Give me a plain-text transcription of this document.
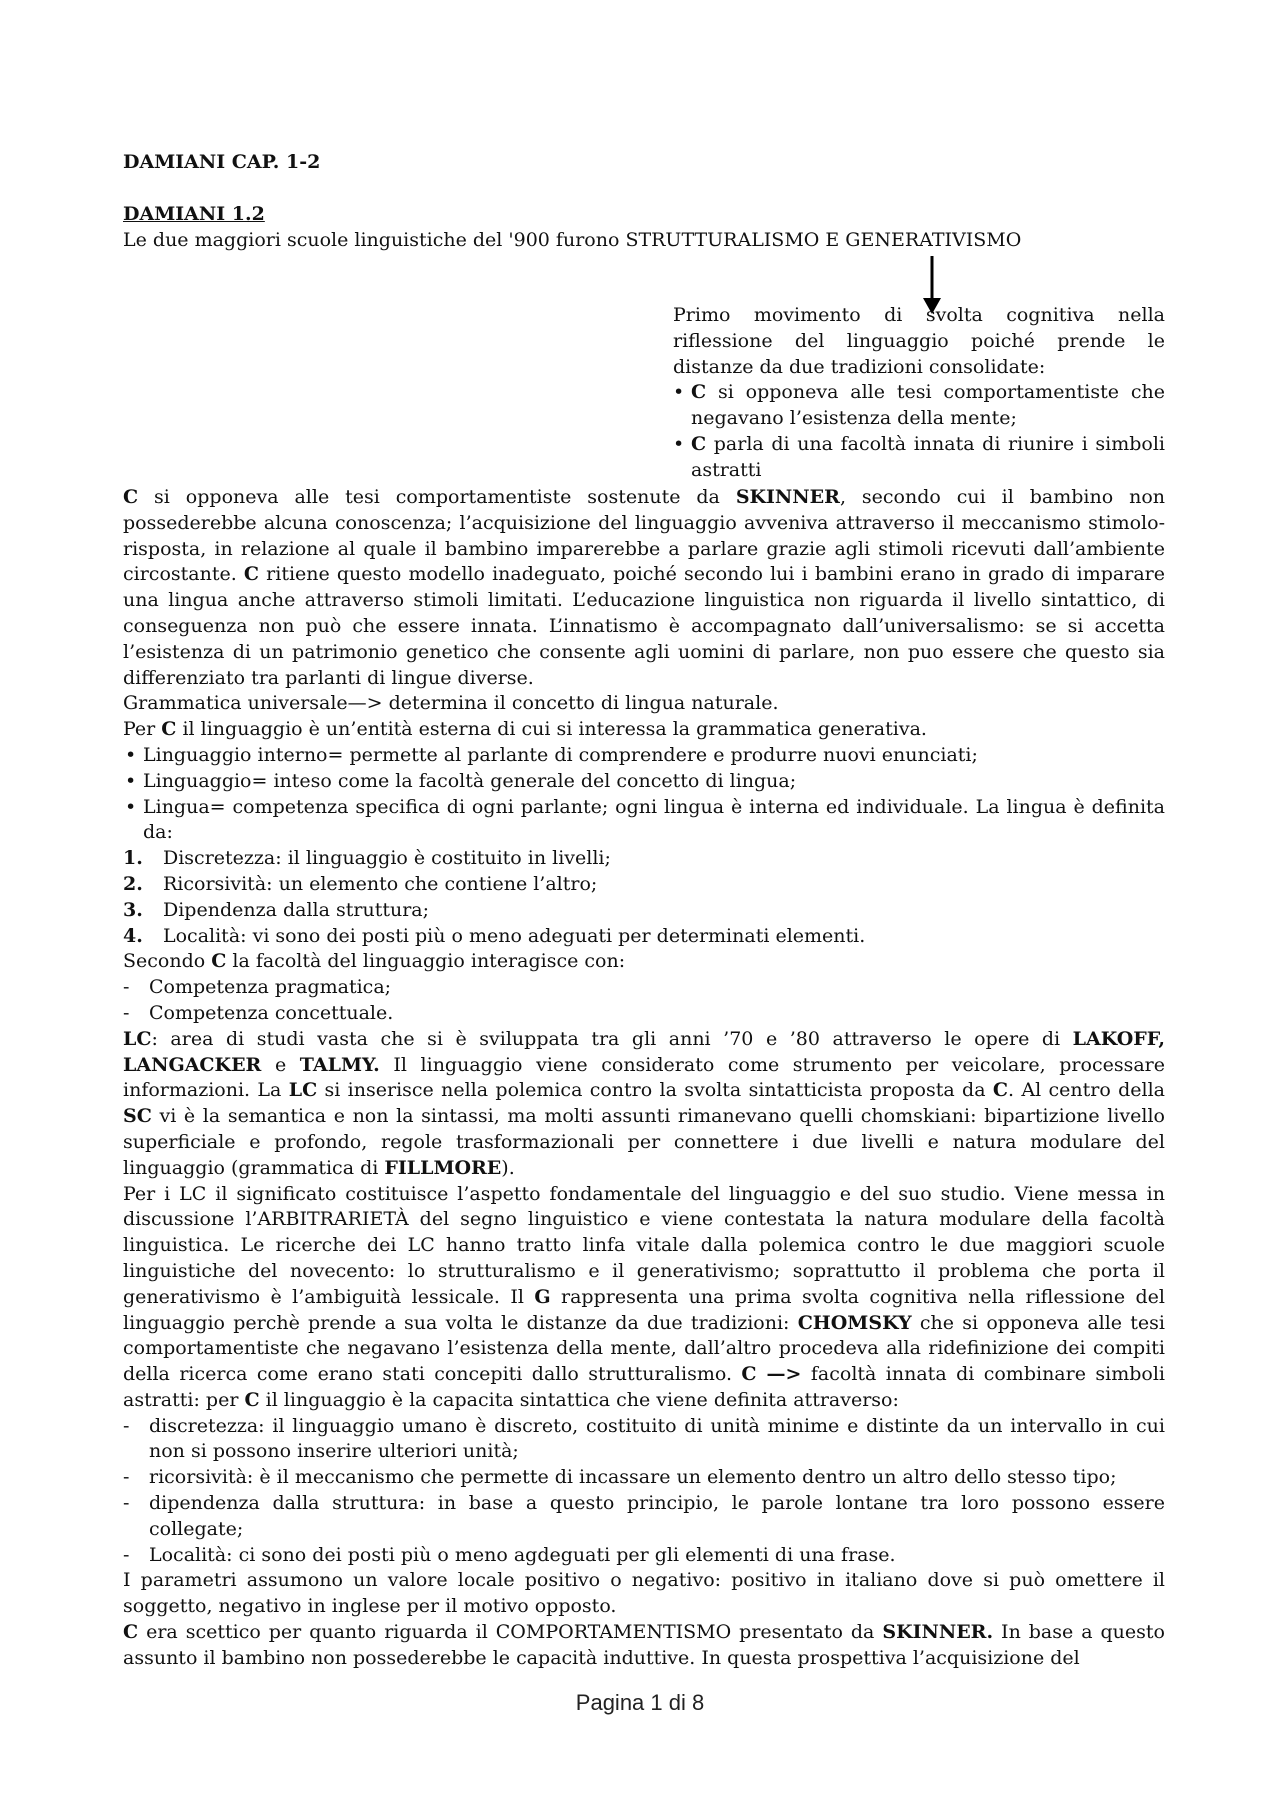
DAMIANI CAP. 1-2
DAMIANI 1.2
Le due maggiori scuole linguistiche del '900 furono STRUTTURALISMO E GENERATIVISMO
Primo movimento di svolta cognitiva nella riflessione del linguaggio poiché prende le distanze da due tradizioni consolidate:
• C si opponeva alle tesi comportamentiste che negavano l’esistenza della mente;
• C parla di una facoltà innata di riunire i simboli astratti

C si opponeva alle tesi comportamentiste sostenute da SKINNER, secondo cui il bambino non possederebbe alcuna conoscenza; l’acquisizione del linguaggio avveniva attraverso il meccanismo stimolo-risposta, in relazione al quale il bambino imparerebbe a parlare grazie agli stimoli ricevuti dall’ambiente circostante. C ritiene questo modello inadeguato, poiché secondo lui i bambini erano in grado di imparare una lingua anche attraverso stimoli limitati. L’educazione linguistica non riguarda il livello sintattico, di conseguenza non può che essere innata. L’innatismo è accompagnato dall’universalismo: se si accetta l’esistenza di un patrimonio genetico che consente agli uomini di parlare, non puo essere che questo sia differenziato tra parlanti di lingue diverse.

Grammatica universale—> determina il concetto di lingua naturale.

Per C il linguaggio è un’entità esterna di cui si interessa la grammatica generativa.

• Linguaggio interno= permette al parlante di comprendere e produrre nuovi enunciati;
• Linguaggio= inteso come la facoltà generale del concetto di lingua;
• Lingua= competenza specifica di ogni parlante; ogni lingua è interna ed individuale. La lingua è definita da:
1. Discretezza: il linguaggio è costituito in livelli;
2. Ricorsività: un elemento che contiene l’altro;
3. Dipendenza dalla struttura;
4. Località: vi sono dei posti più o meno adeguati per determinati elementi.

Secondo C la facoltà del linguaggio interagisce con:

- Competenza pragmatica;
- Competenza concettuale.

LC: area di studi vasta che si è sviluppata tra gli anni ’70 e ’80 attraverso le opere di LAKOFF, LANGACKER e TALMY. Il linguaggio viene considerato come strumento per veicolare, processare informazioni. La LC si inserisce nella polemica contro la svolta sintatticista proposta da C. Al centro della SC vi è la semantica e non la sintassi, ma molti assunti rimanevano quelli chomskiani: bipartizione livello superficiale e profondo, regole trasformazionali per connettere i due livelli e natura modulare del linguaggio (grammatica di FILLMORE).

Per i LC il significato costituisce l’aspetto fondamentale del linguaggio e del suo studio. Viene messa in discussione l’ARBITRARIETÀ del segno linguistico e viene contestata la natura modulare della facoltà linguistica. Le ricerche dei LC hanno tratto linfa vitale dalla polemica contro le due maggiori scuole linguistiche del novecento: lo strutturalismo e il generativismo; soprattutto il problema che porta il generativismo è l’ambiguità lessicale. Il G rappresenta una prima svolta cognitiva nella riflessione del linguaggio perchè prende a sua volta le distanze da due tradizioni: CHOMSKY che si opponeva alle tesi comportamentiste che negavano l’esistenza della mente, dall’altro procedeva alla ridefinizione dei compiti della ricerca come erano stati concepiti dallo strutturalismo. C —> facoltà innata di combinare simboli astratti: per C il linguaggio è la capacita sintattica che viene definita attraverso:

- discretezza: il linguaggio umano è discreto, costituito di unità minime e distinte da un intervallo in cui non si possono inserire ulteriori unità;
- ricorsività: è il meccanismo che permette di incassare un elemento dentro un altro dello stesso tipo;
- dipendenza dalla struttura: in base a questo principio, le parole lontane tra loro possono essere collegate;
- Località: ci sono dei posti più o meno agdeguati per gli elementi di una frase.

I parametri assumono un valore locale positivo o negativo: positivo in italiano dove si può omettere il soggetto, negativo in inglese per il motivo opposto.

C era scettico per quanto riguarda il COMPORTAMENTISMO presentato da SKINNER. In base a questo assunto il bambino non possederebbe le capacità induttive. In questa prospettiva l’acquisizione del

Pagina 1 di 8
